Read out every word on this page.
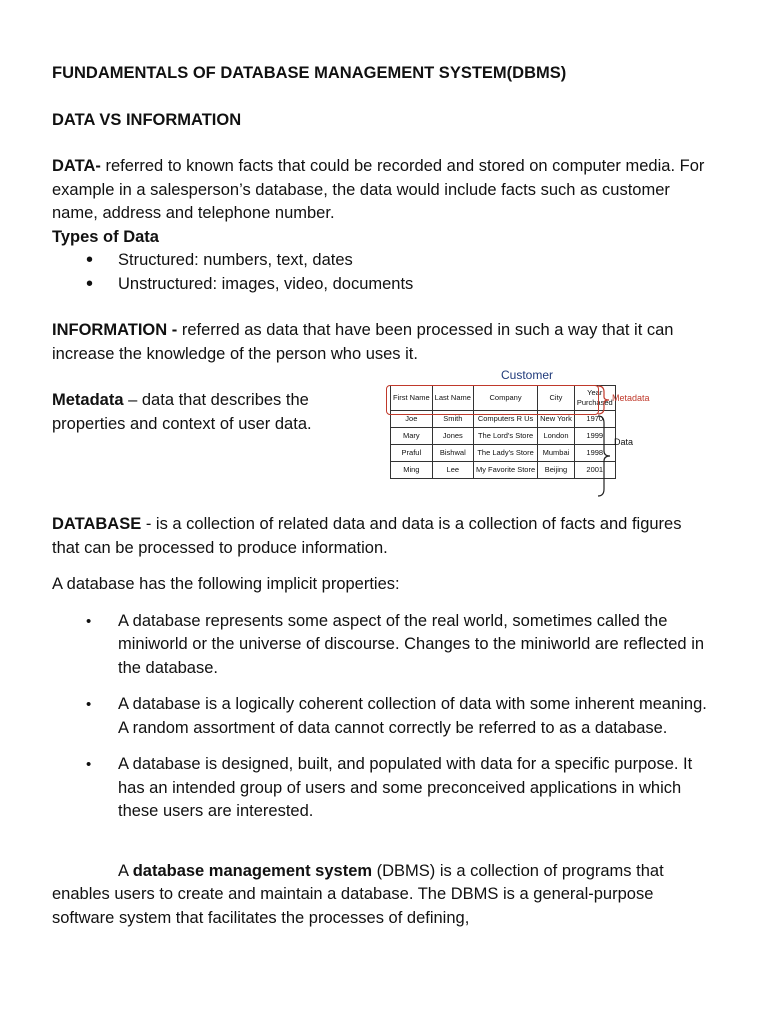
FUNDAMENTALS OF DATABASE MANAGEMENT SYSTEM(DBMS)

DATA VS INFORMATION

DATA- referred to known facts that could be recorded and stored on computer media. For example in a salesperson’s database, the data would include facts such as customer name, address and telephone number.

Types of Data

• Structured: numbers, text, dates
• Unstructured: images, video, documents

INFORMATION - referred as data that have been processed in such a way that it can increase the knowledge of the person who uses it.

Metadata – data that describes the properties and context of user data.

Customer
First Name	Last Name	Company	City	Year Purchased
Joe	Smith	Computers R Us	New York	1970
Mary	Jones	The Lord's Store	London	1999
Praful	Bishwal	The Lady's Store	Mumbai	1998
Ming	Lee	My Favorite Store	Beijing	2001
Metadata
Data

DATABASE - is a collection of related data and data is a collection of facts and figures that can be processed to produce information.

A database has the following implicit properties:

• A database represents some aspect of the real world, sometimes called the miniworld or the universe of discourse. Changes to the miniworld are reflected in the database.
• A database is a logically coherent collection of data with some inherent meaning. A random assortment of data cannot correctly be referred to as a database.
• A database is designed, built, and populated with data for a specific purpose. It has an intended group of users and some preconceived applications in which these users are interested.

A database management system (DBMS) is a collection of programs that enables users to create and maintain a database. The DBMS is a general-purpose software system that facilitates the processes of defining,
